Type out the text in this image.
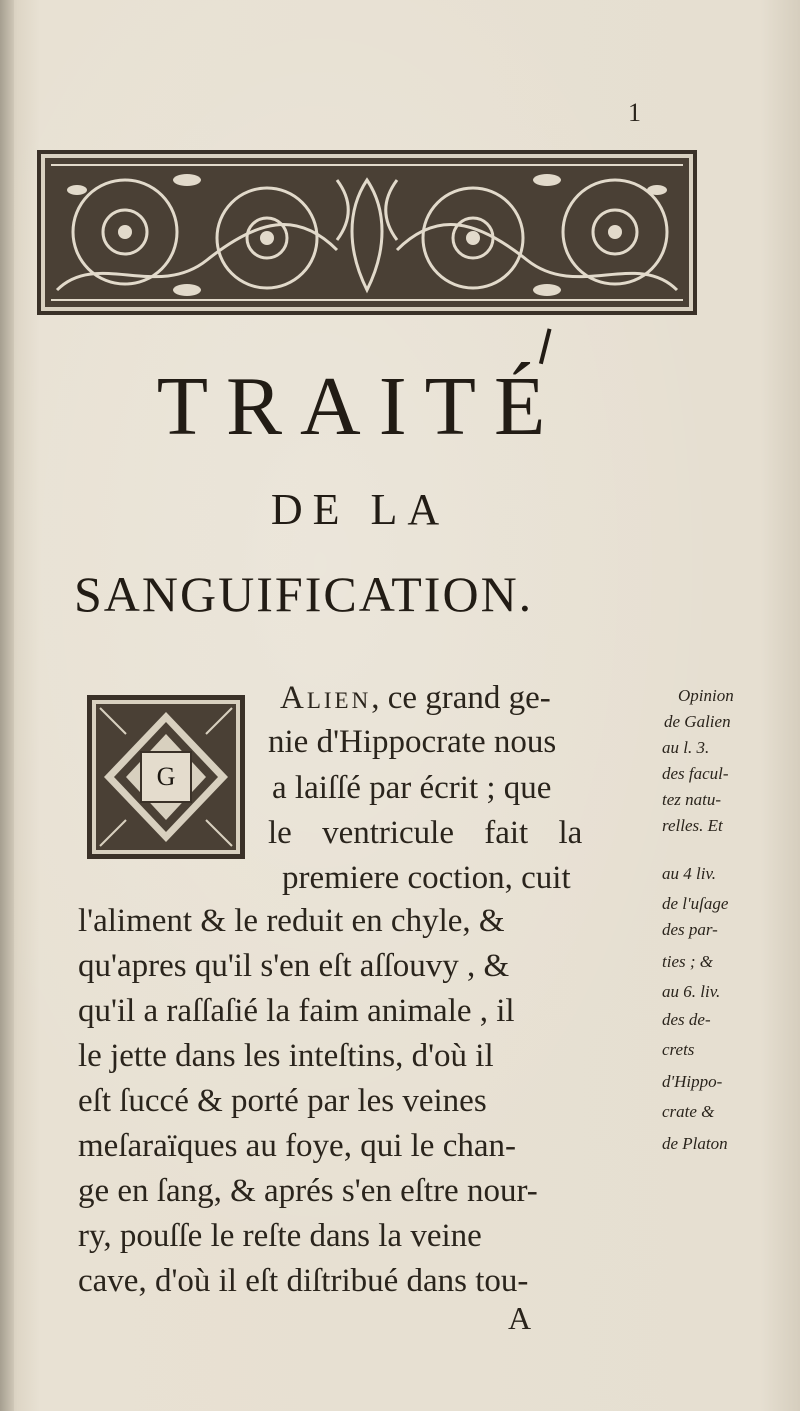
1
TRAITÉ
DE LA
SANGUIFICATION.
G
Alien, ce grand ge-
nie d'Hippocrate nous
a laiſſé par écrit ; que
le ventricule fait la
premiere coction, cuit
l'aliment & le reduit en chyle, &
qu'apres qu'il s'en eſt aſſouvy , &
qu'il a raſſaſié la faim animale , il
le jette dans les inteſtins, d'où il
eſt ſuccé & porté par les veines
meſaraïques au foye, qui le chan-
ge en ſang, & aprés s'en eſtre nour-
ry, pouſſe le reſte dans la veine
cave, d'où il eſt diſtribué dans tou-
Opinion
de Galien
au l. 3.
des facul-
tez natu-
relles. Et
au 4 liv.
de l'uſage
des par-
ties ; &
au 6. liv.
des de-
crets
d'Hippo-
crate &
de Platon
A
